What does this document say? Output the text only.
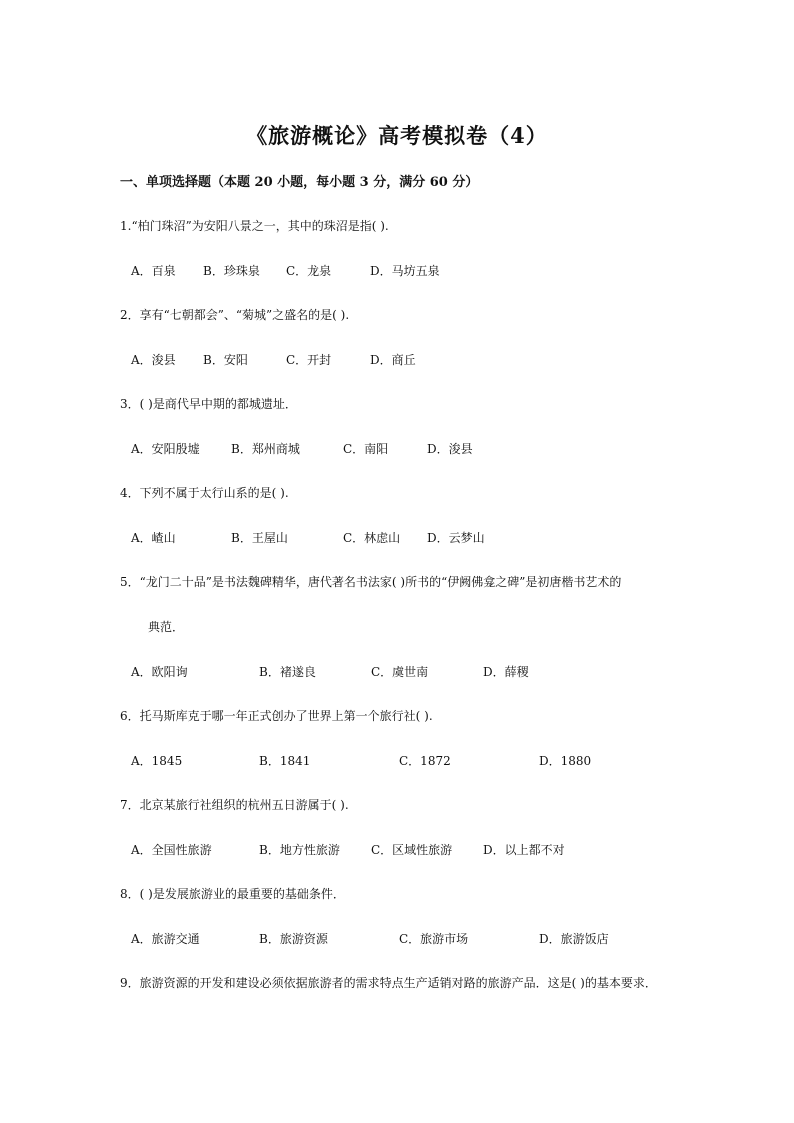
《旅游概论》高考模拟卷（4）
一、单项选择题（本题 20 小题，每小题 3 分，满分 60 分）
1.“柏门珠沼”为安阳八景之一，其中的珠沼是指( ).
A．百泉 B．珍珠泉 C．龙泉	D．马坊五泉
2．享有“七朝都会”、“菊城”之盛名的是( ).
A．浚县 B．安阳	C．开封	D．商丘
3．( )是商代早中期的都城遗址．
A．安阳殷墟	B．郑州商城	C．南阳	D．浚县
4．下列不属于太行山系的是( ).
A．嵖山	B．王屋山	C．林虑山 D．云梦山
5．“龙门二十品”是书法魏碑精华，唐代著名书法家( )所书的“伊阙佛龛之碑”是初唐楷书艺术的
典范．
A．欧阳询	B．褚遂良	C．虞世南	D．薛稷
6．托马斯库克于哪一年正式创办了世界上第一个旅行社( ).
A．1845	B．1841	C．1872	D．1880
7．北京某旅行社组织的杭州五日游属于( ).
A．全国性旅游	B．地方性旅游	C．区域性旅游	D．以上都不对
8．( )是发展旅游业的最重要的基础条件．
A．旅游交通	B．旅游资源	C．旅游市场	D．旅游饭店
9．旅游资源的开发和建设必须依据旅游者的需求特点生产适销对路的旅游产品．这是( )的基本要求．
